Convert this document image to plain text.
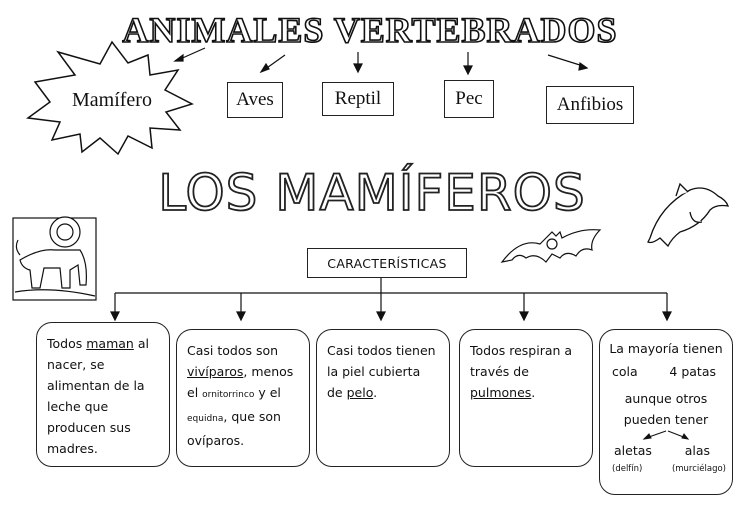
ANIMALES VERTEBRADOS
LOS MAMÍFEROS
Mamífero	Aves	Reptil	Pec	Anfibios
CARACTERÍSTICAS
Todos maman al
nacer, se
alimentan de la
leche que
producen sus
madres.
Casi todos son
vivíparos, menos
el ornitorrinco y el
equidna, que son
ovíparos.
Casi todos tienen
la piel cubierta
de pelo.
Todos respiran a
través de
pulmones.
La mayoría tienen
cola	4 patas
aunque otros
pueden tener
aletas	alas
(delfín)	(murciélago)
